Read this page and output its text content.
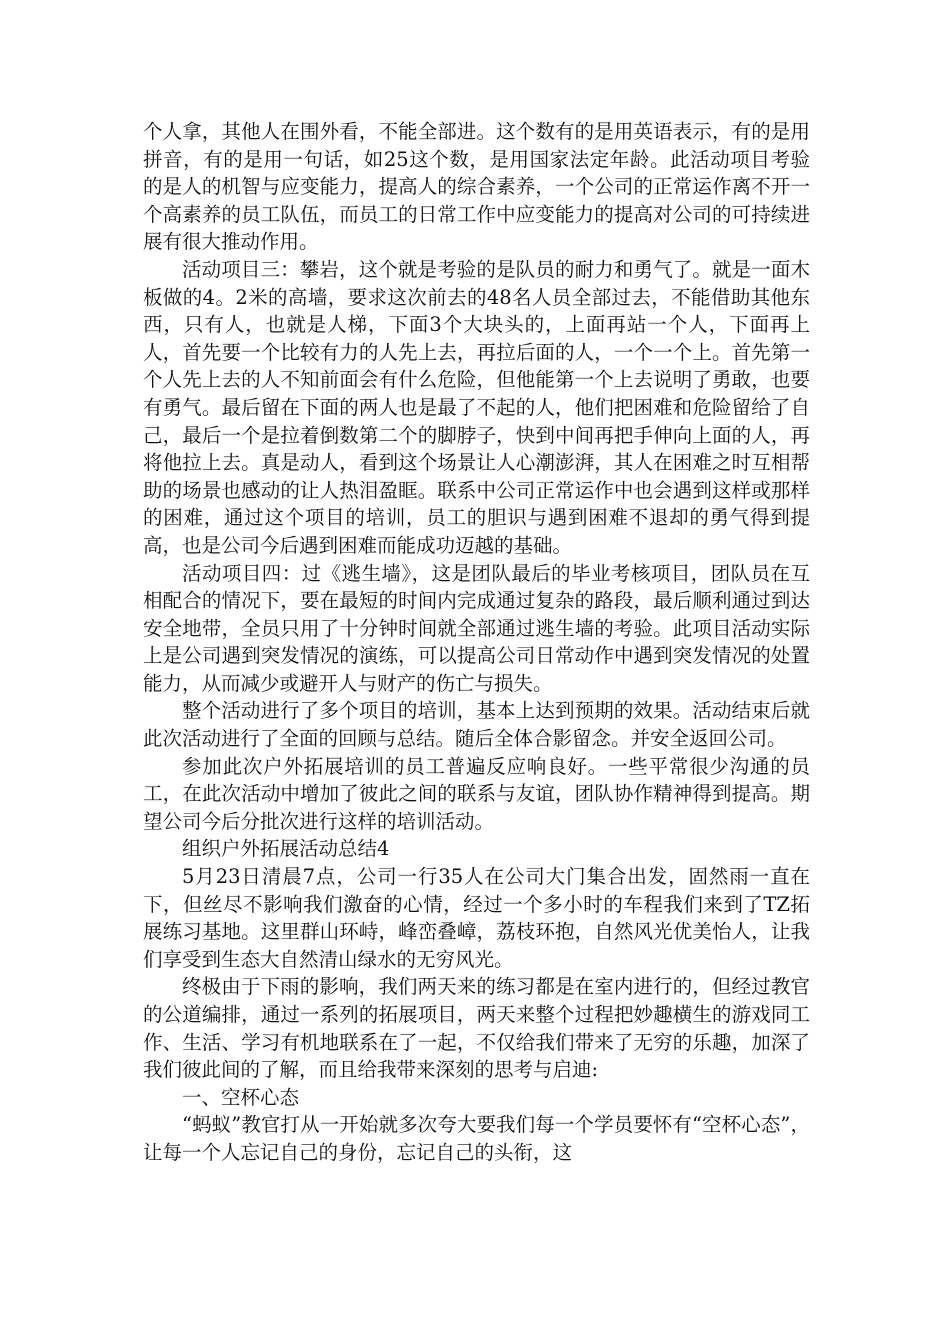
个人拿，其他人在围外看，不能全部进。这个数有的是用英语表示，有的是用拼音，有的是用一句话，如25这个数，是用国家法定年龄。此活动项目考验的是人的机智与应变能力，提高人的综合素养，一个公司的正常运作离不开一个高素养的员工队伍，而员工的日常工作中应变能力的提高对公司的可持续进展有很大推动作用。

活动项目三：攀岩，这个就是考验的是队员的耐力和勇气了。就是一面木板做的4。2米的高墙，要求这次前去的48名人员全部过去，不能借助其他东西，只有人，也就是人梯，下面3个大块头的，上面再站一个人，下面再上人，首先要一个比较有力的人先上去，再拉后面的人，一个一个上。首先第一个人先上去的人不知前面会有什么危险，但他能第一个上去说明了勇敢，也要有勇气。最后留在下面的两人也是最了不起的人，他们把困难和危险留给了自己，最后一个是拉着倒数第二个的脚脖子，快到中间再把手伸向上面的人，再将他拉上去。真是动人，看到这个场景让人心潮澎湃，其人在困难之时互相帮助的场景也感动的让人热泪盈眶。联系中公司正常运作中也会遇到这样或那样的困难，通过这个项目的培训，员工的胆识与遇到困难不退却的勇气得到提高，也是公司今后遇到困难而能成功迈越的基础。

活动项目四：过《逃生墙》，这是团队最后的毕业考核项目，团队员在互相配合的情况下，要在最短的时间内完成通过复杂的路段，最后顺利通过到达安全地带，全员只用了十分钟时间就全部通过逃生墙的考验。此项目活动实际上是公司遇到突发情况的演练，可以提高公司日常动作中遇到突发情况的处置能力，从而减少或避开人与财产的伤亡与损失。

整个活动进行了多个项目的培训，基本上达到预期的效果。活动结束后就此次活动进行了全面的回顾与总结。随后全体合影留念。并安全返回公司。

参加此次户外拓展培训的员工普遍反应响良好。一些平常很少沟通的员工，在此次活动中增加了彼此之间的联系与友谊，团队协作精神得到提高。期望公司今后分批次进行这样的培训活动。

组织户外拓展活动总结4

5月23日清晨7点，公司一行35人在公司大门集合出发，固然雨一直在下，但丝尽不影响我们激奋的心情，经过一个多小时的车程我们来到了TZ拓展练习基地。这里群山环峙，峰峦叠嶂，荔枝环抱，自然风光优美怡人，让我们享受到生态大自然清山绿水的无穷风光。

终极由于下雨的影响，我们两天来的练习都是在室内进行的，但经过教官的公道编排，通过一系列的拓展项目，两天来整个过程把妙趣横生的游戏同工作、生活、学习有机地联系在了一起，不仅给我们带来了无穷的乐趣，加深了我们彼此间的了解，而且给我带来深刻的思考与启迪:

一、空杯心态

“蚂蚁”教官打从一开始就多次夸大要我们每一个学员要怀有“空杯心态”，让每一个人忘记自己的身份，忘记自己的头衔，这
